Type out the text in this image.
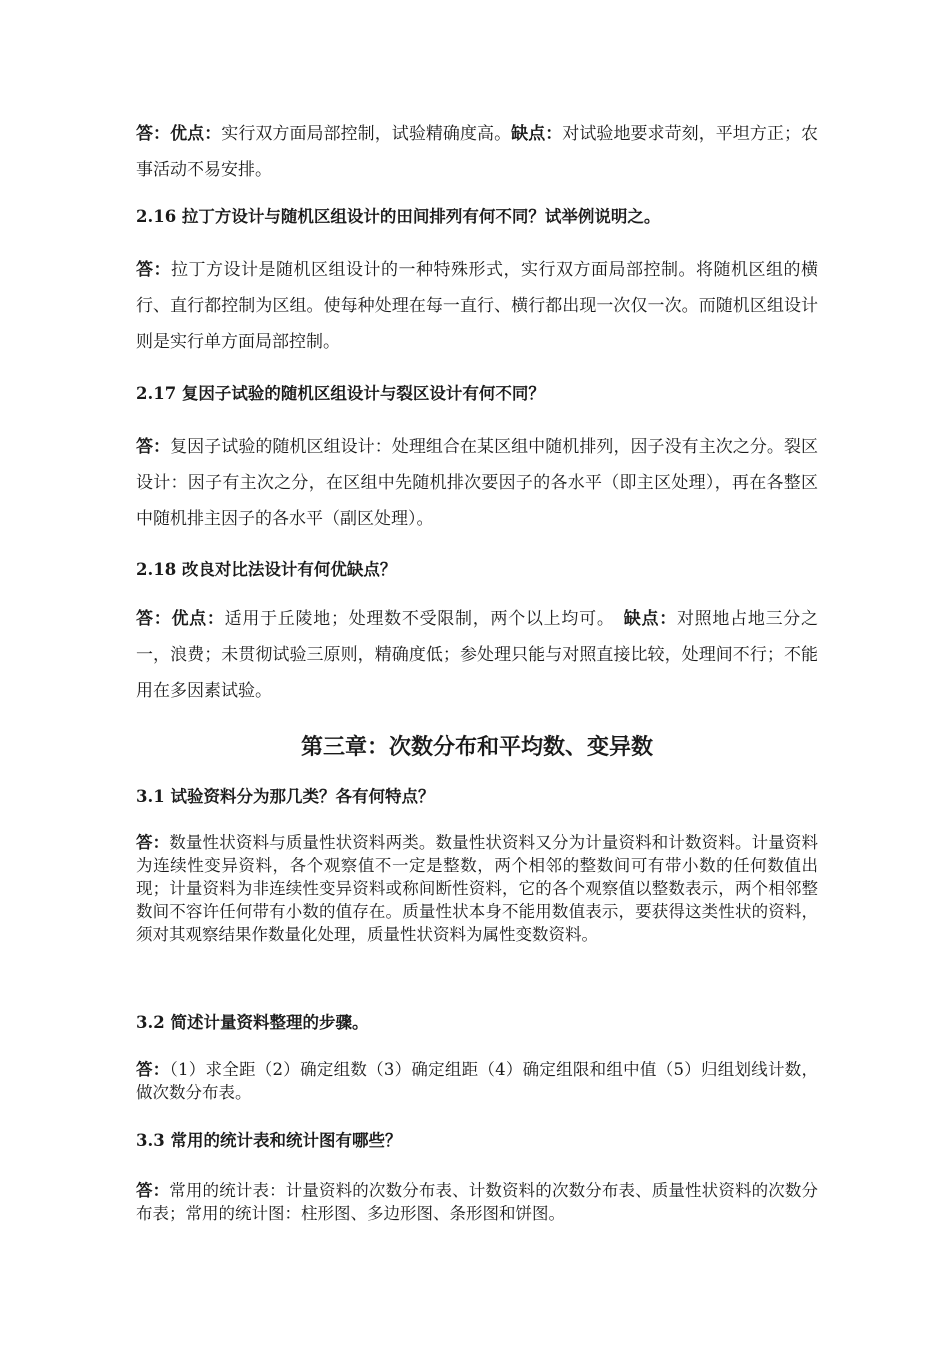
答：优点：实行双方面局部控制，试验精确度高。缺点：对试验地要求苛刻，平坦方正；农事活动不易安排。

2.16 拉丁方设计与随机区组设计的田间排列有何不同？试举例说明之。

答：拉丁方设计是随机区组设计的一种特殊形式，实行双方面局部控制。将随机区组的横行、直行都控制为区组。使每种处理在每一直行、横行都出现一次仅一次。而随机区组设计则是实行单方面局部控制。

2.17 复因子试验的随机区组设计与裂区设计有何不同？

答：复因子试验的随机区组设计：处理组合在某区组中随机排列，因子没有主次之分。裂区设计：因子有主次之分，在区组中先随机排次要因子的各水平（即主区处理），再在各整区中随机排主因子的各水平（副区处理）。

2.18 改良对比法设计有何优缺点？

答：优点：适用于丘陵地；处理数不受限制，两个以上均可。　 缺点：对照地占地三分之一，浪费；未贯彻试验三原则，精确度低；参处理只能与对照直接比较，处理间不行；不能用在多因素试验。

第三章：次数分布和平均数、变异数

3.1 试验资料分为那几类？各有何特点？

答：数量性状资料与质量性状资料两类。数量性状资料又分为计量资料和计数资料。计量资料为连续性变异资料，各个观察值不一定是整数，两个相邻的整数间可有带小数的任何数值出现；计量资料为非连续性变异资料或称间断性资料，它的各个观察值以整数表示，两个相邻整数间不容许任何带有小数的值存在。质量性状本身不能用数值表示，要获得这类性状的资料，须对其观察结果作数量化处理，质量性状资料为属性变数资料。

3.2 简述计量资料整理的步骤。

答：（1）求全距（2）确定组数（3）确定组距（4）确定组限和组中值（5）归组划线计数，做次数分布表。

3.3 常用的统计表和统计图有哪些？

答：常用的统计表：计量资料的次数分布表、计数资料的次数分布表、质量性状资料的次数分布表；常用的统计图：柱形图、多边形图、条形图和饼图。
